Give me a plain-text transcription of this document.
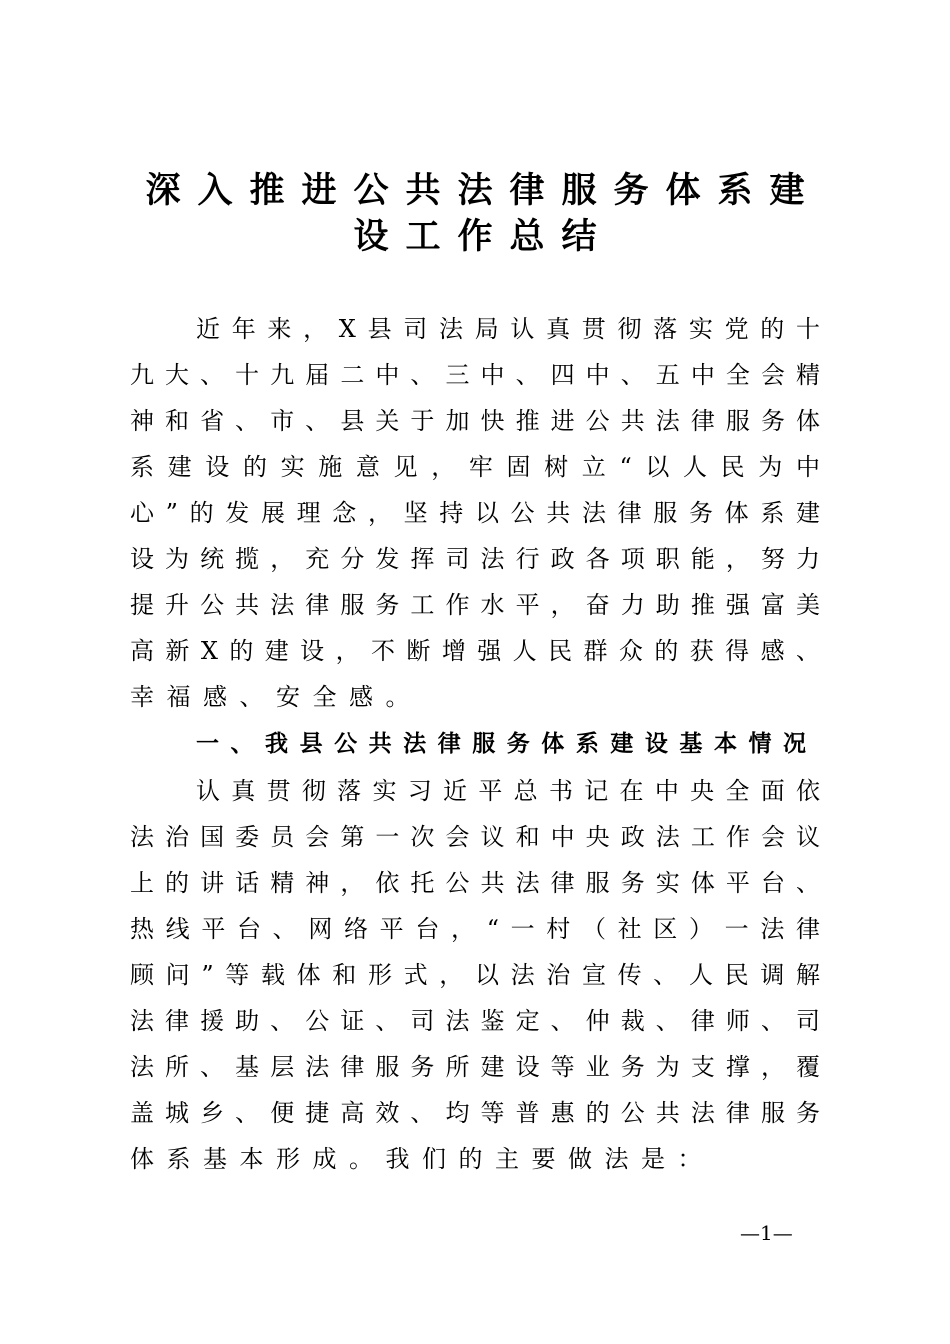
深入推进公共法律服务体系建
设工作总结
近​年​来​，​X​县​司​法​局​认​真​贯​彻​落​实​党​的​十
九​大​、​十​九​届​二​中​、​三​中​、​四​中​、​五​中​全​会​精
神​和​省​、​市​、​县​关​于​加​快​推​进​公​共​法​律​服​务​体
系​建​设​的​实​施​意​见​，​牢​固​树​立​“​以​人​民​为​中
心​”​的​发​展​理​念​，​坚​持​以​公​共​法​律​服​务​体​系​建
设​为​统​揽​，​充​分​发​挥​司​法​行​政​各​项​职​能​，​努​力
提​升​公​共​法​律​服​务​工​作​水​平​，​奋​力​助​推​强​富​美
高​新​X​的​建​设​，​不​断​增​强​人​民​群​众​的​获​得​感​、
幸​福​感​、​安​全​感​。
一​、​我​县​公​共​法​律​服​务​体​系​建​设​基​本​情​况
认​真​贯​彻​落​实​习​近​平​总​书​记​在​中​央​全​面​依
法​治​国​委​员​会​第​一​次​会​议​和​中​央​政​法​工​作​会​议
上​的​讲​话​精​神​，​依​托​公​共​法​律​服​务​实​体​平​台​、
热​线​平​台​、​网​络​平​台​，​“​一​村​（​社​区​）​一​法​律
顾​问​”​等​载​体​和​形​式​，​以​法​治​宣​传​、​人​民​调​解
法​律​援​助​、​公​证​、​司​法​鉴​定​、​仲​裁​、​律​师​、​司
法​所​、​基​层​法​律​服​务​所​建​设​等​业​务​为​支​撑​，​覆
盖​城​乡​、​便​捷​高​效​、​均​等​普​惠​的​公​共​法​律​服​务
体​系​基​本​形​成​。​我​们​的​主​要​做​法​是​：
—1—
